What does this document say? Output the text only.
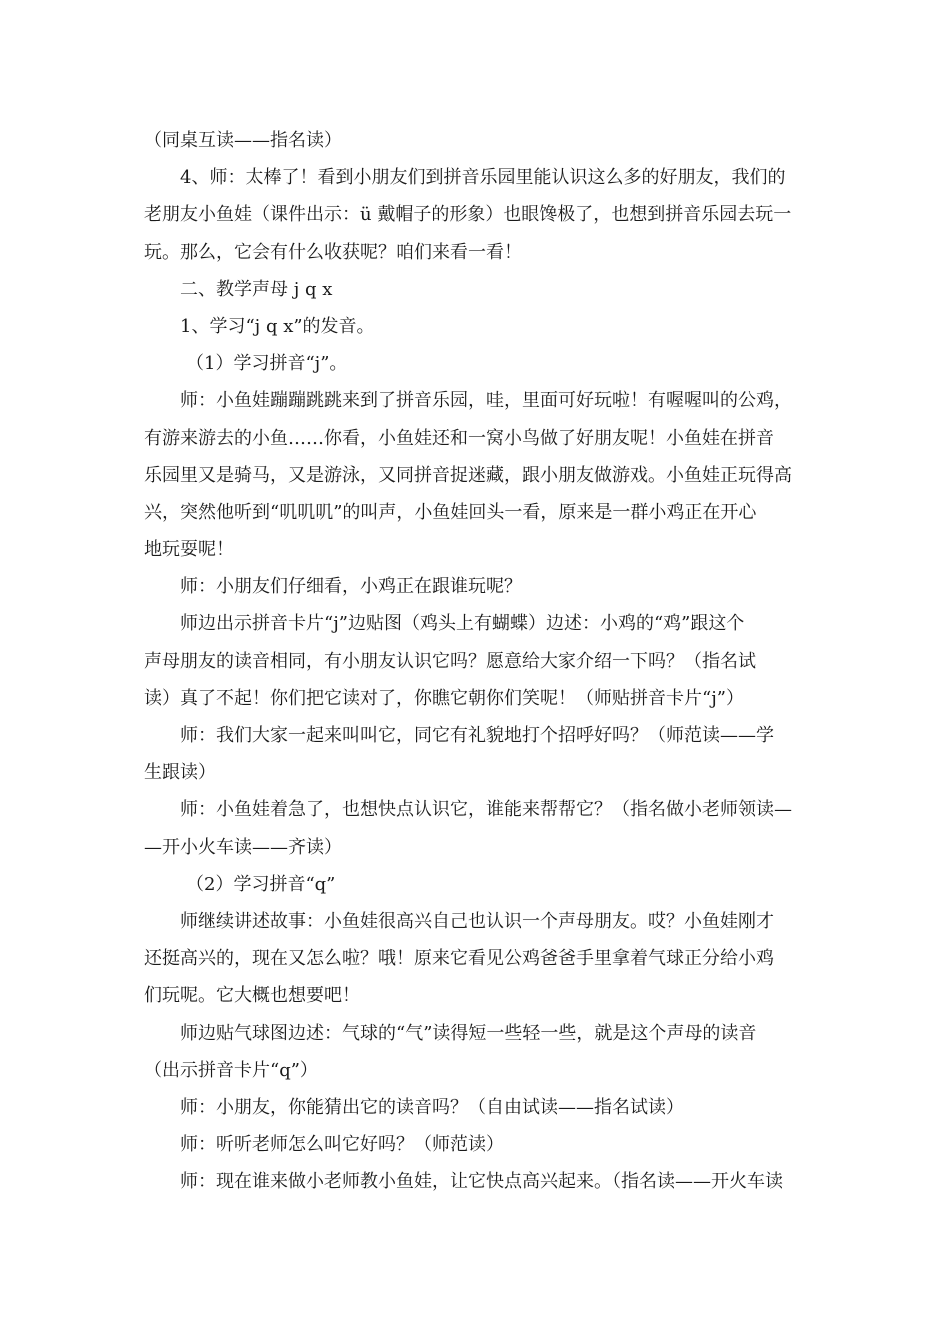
（同桌互读——指名读）
4、师：太棒了！看到小朋友们到拼音乐园里能认识这么多的好朋友，我们的
老朋友小鱼娃（课件出示：ü 戴帽子的形象）也眼馋极了，也想到拼音乐园去玩一
玩。那么，它会有什么收获呢？咱们来看一看！
二、教学声母 j q x
1、学习“j q x”的发音。
（1）学习拼音“j”。
师：小鱼娃蹦蹦跳跳来到了拼音乐园，哇，里面可好玩啦！有喔喔叫的公鸡，
有游来游去的小鱼……你看，小鱼娃还和一窝小鸟做了好朋友呢！小鱼娃在拼音
乐园里又是骑马，又是游泳，又同拼音捉迷藏，跟小朋友做游戏。小鱼娃正玩得高
兴，突然他听到“叽叽叽”的叫声，小鱼娃回头一看，原来是一群小鸡正在开心
地玩耍呢！
师：小朋友们仔细看，小鸡正在跟谁玩呢？
师边出示拼音卡片“j”边贴图（鸡头上有蝴蝶）边述：小鸡的“鸡”跟这个
声母朋友的读音相同，有小朋友认识它吗？愿意给大家介绍一下吗？（指名试
读）真了不起！你们把它读对了，你瞧它朝你们笑呢！（师贴拼音卡片“j”）
师：我们大家一起来叫叫它，同它有礼貌地打个招呼好吗？（师范读——学
生跟读）
师：小鱼娃着急了，也想快点认识它，谁能来帮帮它？（指名做小老师领读—
—开小火车读——齐读）
（2）学习拼音“q”
师继续讲述故事：小鱼娃很高兴自己也认识一个声母朋友。哎？小鱼娃刚才
还挺高兴的，现在又怎么啦？哦！原来它看见公鸡爸爸手里拿着气球正分给小鸡
们玩呢。它大概也想要吧！
师边贴气球图边述：气球的“气”读得短一些轻一些，就是这个声母的读音
（出示拼音卡片“q”）
师：小朋友，你能猜出它的读音吗？（自由试读——指名试读）
师：听听老师怎么叫它好吗？（师范读）
师：现在谁来做小老师教小鱼娃，让它快点高兴起来。（指名读——开火车读
